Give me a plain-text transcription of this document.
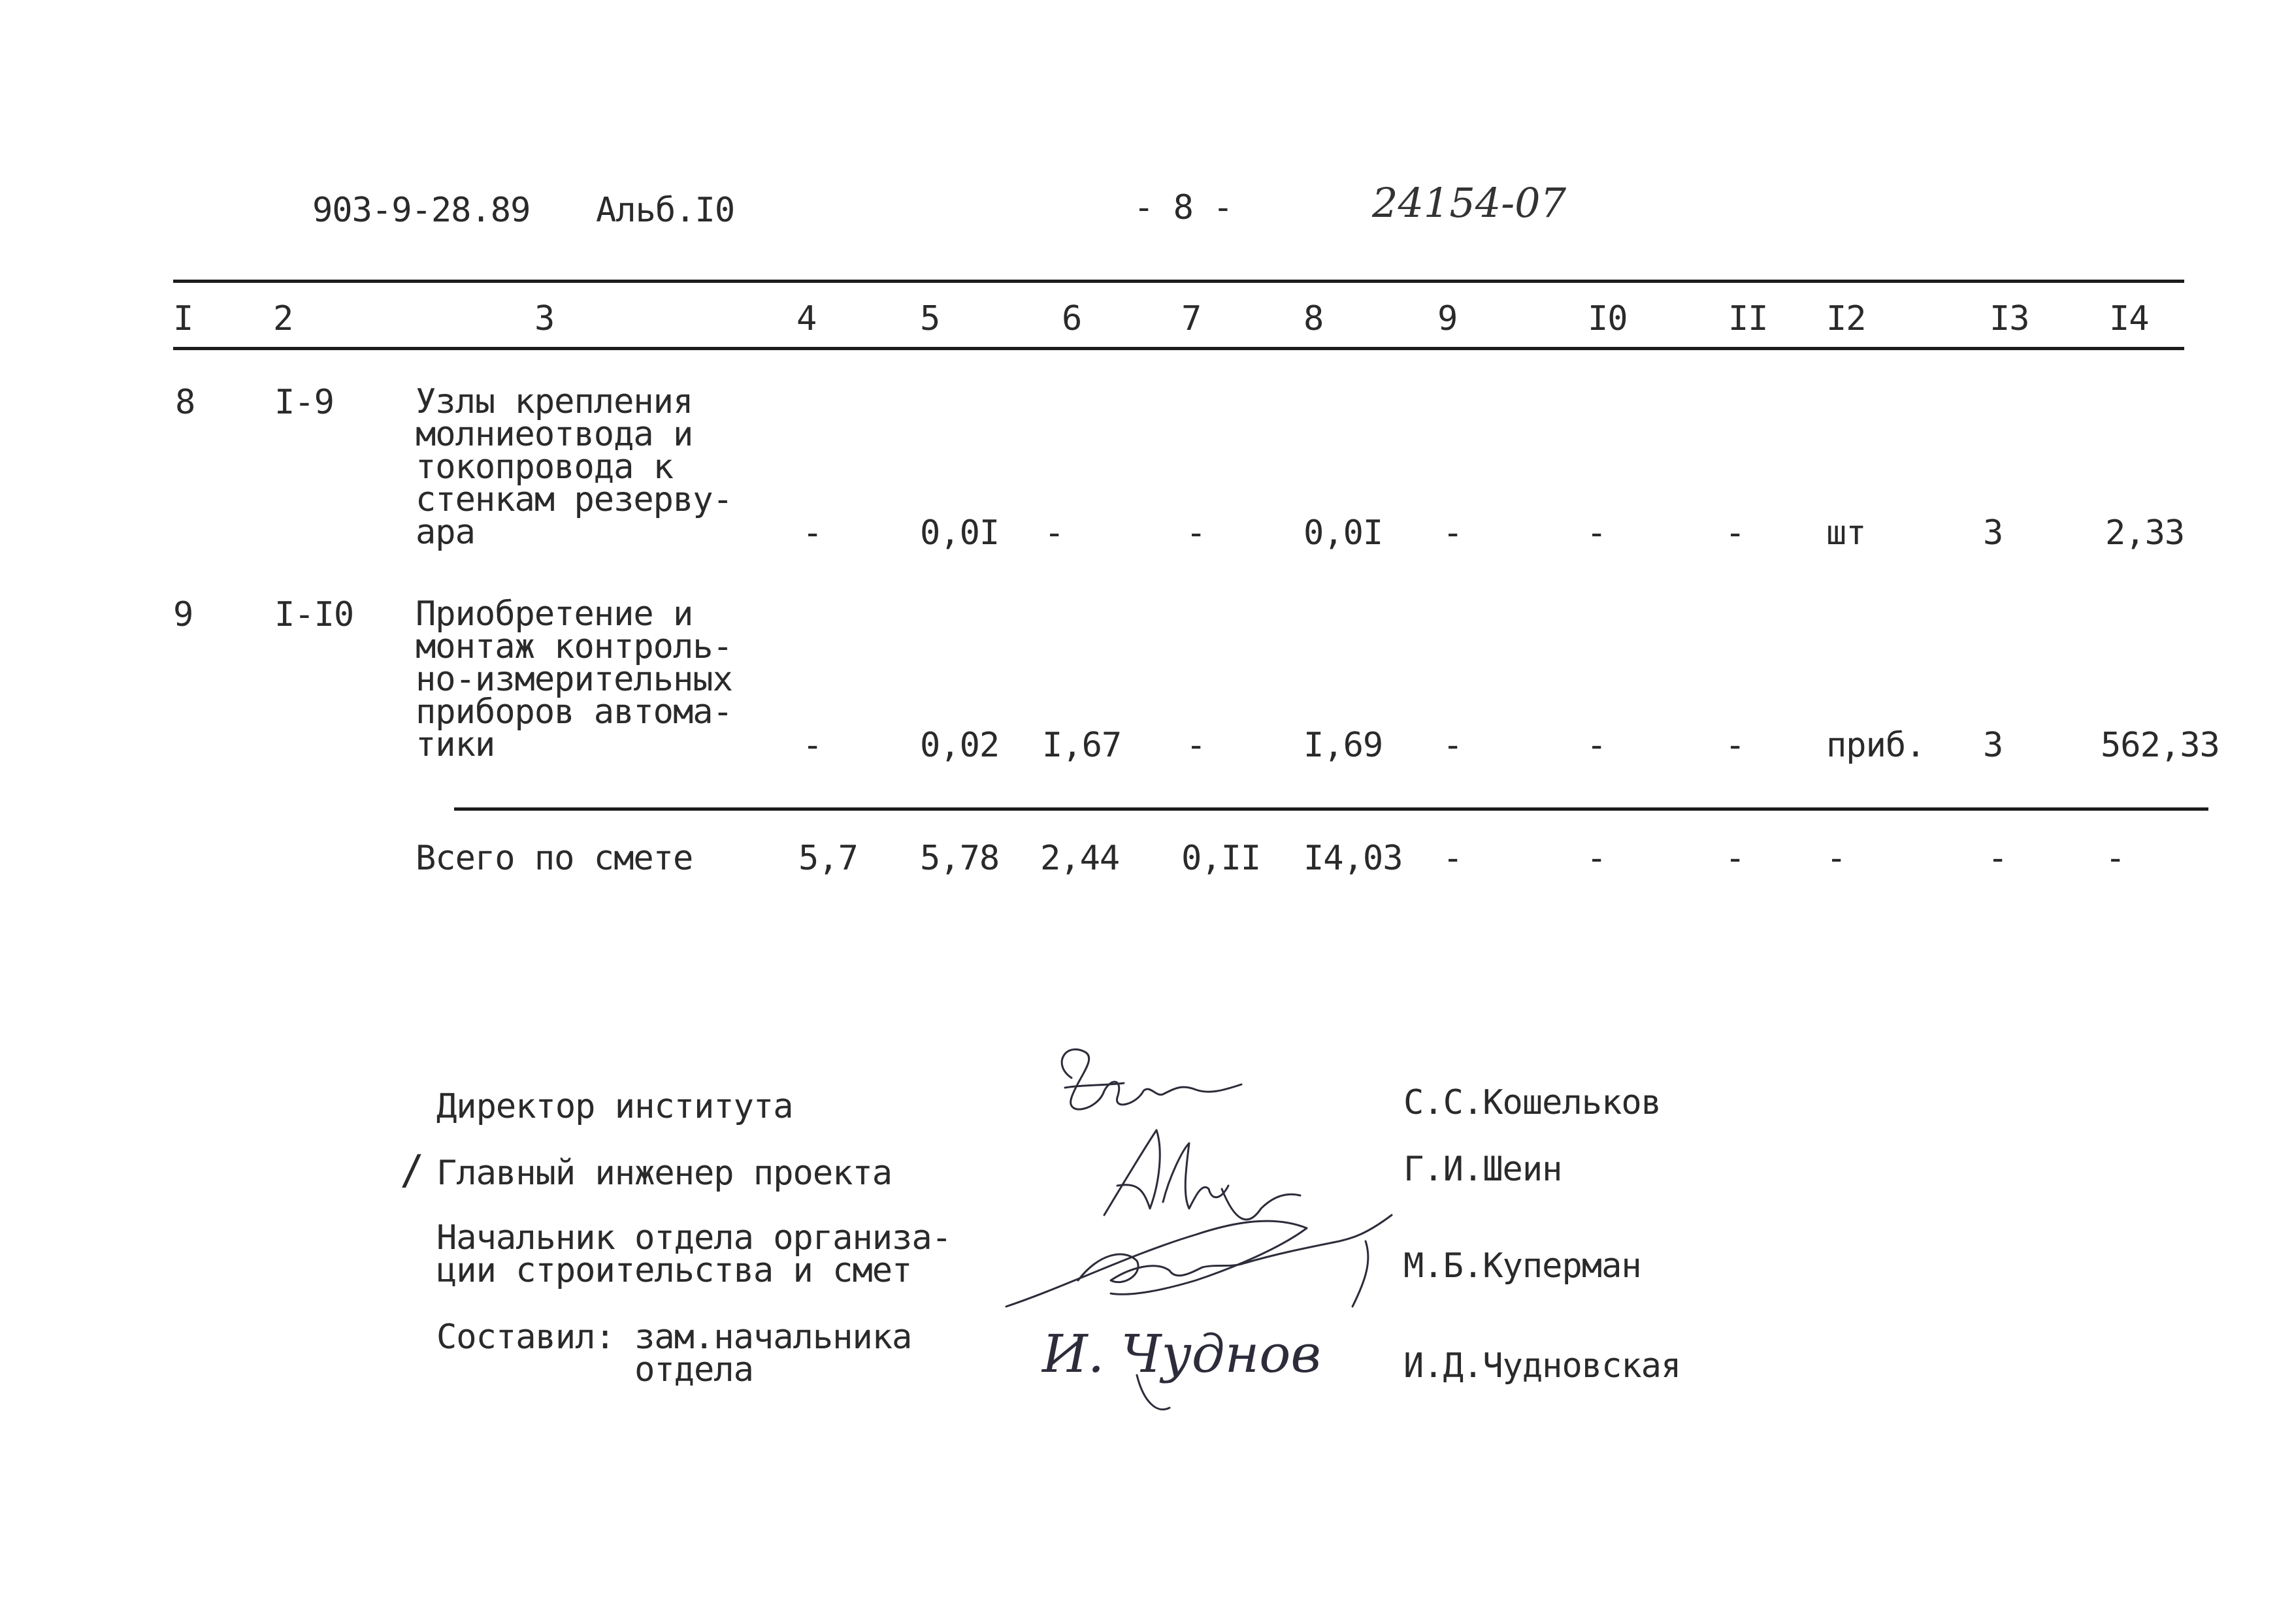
903-9-28.89 Альб.I0	- 8 -	24154-07
I 2	3	4	5	6	7	8	9	I0	II I2	I3 I4
8 I-9 Узлы крепления
молниеотвода и
токопровода к
стенкам резерву-
ара	-	0,0I -	-	0,0I -	-	- шт	3	2,33
9 I-I0 Приобретение и
монтаж контроль-
но-измерительных
приборов автома-
тики	-	0,02 I,67 -	I,69 -	-	- приб. 3	562,33
Всего по смете	5,7 5,78 2,44 0,II I4,03 -	-	- -	-	-
Директор института	С.С.Кошельков
/ Главный инженер проекта	Г.И.Шеин
Начальник отдела организа-
ции строительства и смет	М.Б.Куперман
Составил: зам.начальника
отдела	И.Д.Чудновская
И. Чуднов
